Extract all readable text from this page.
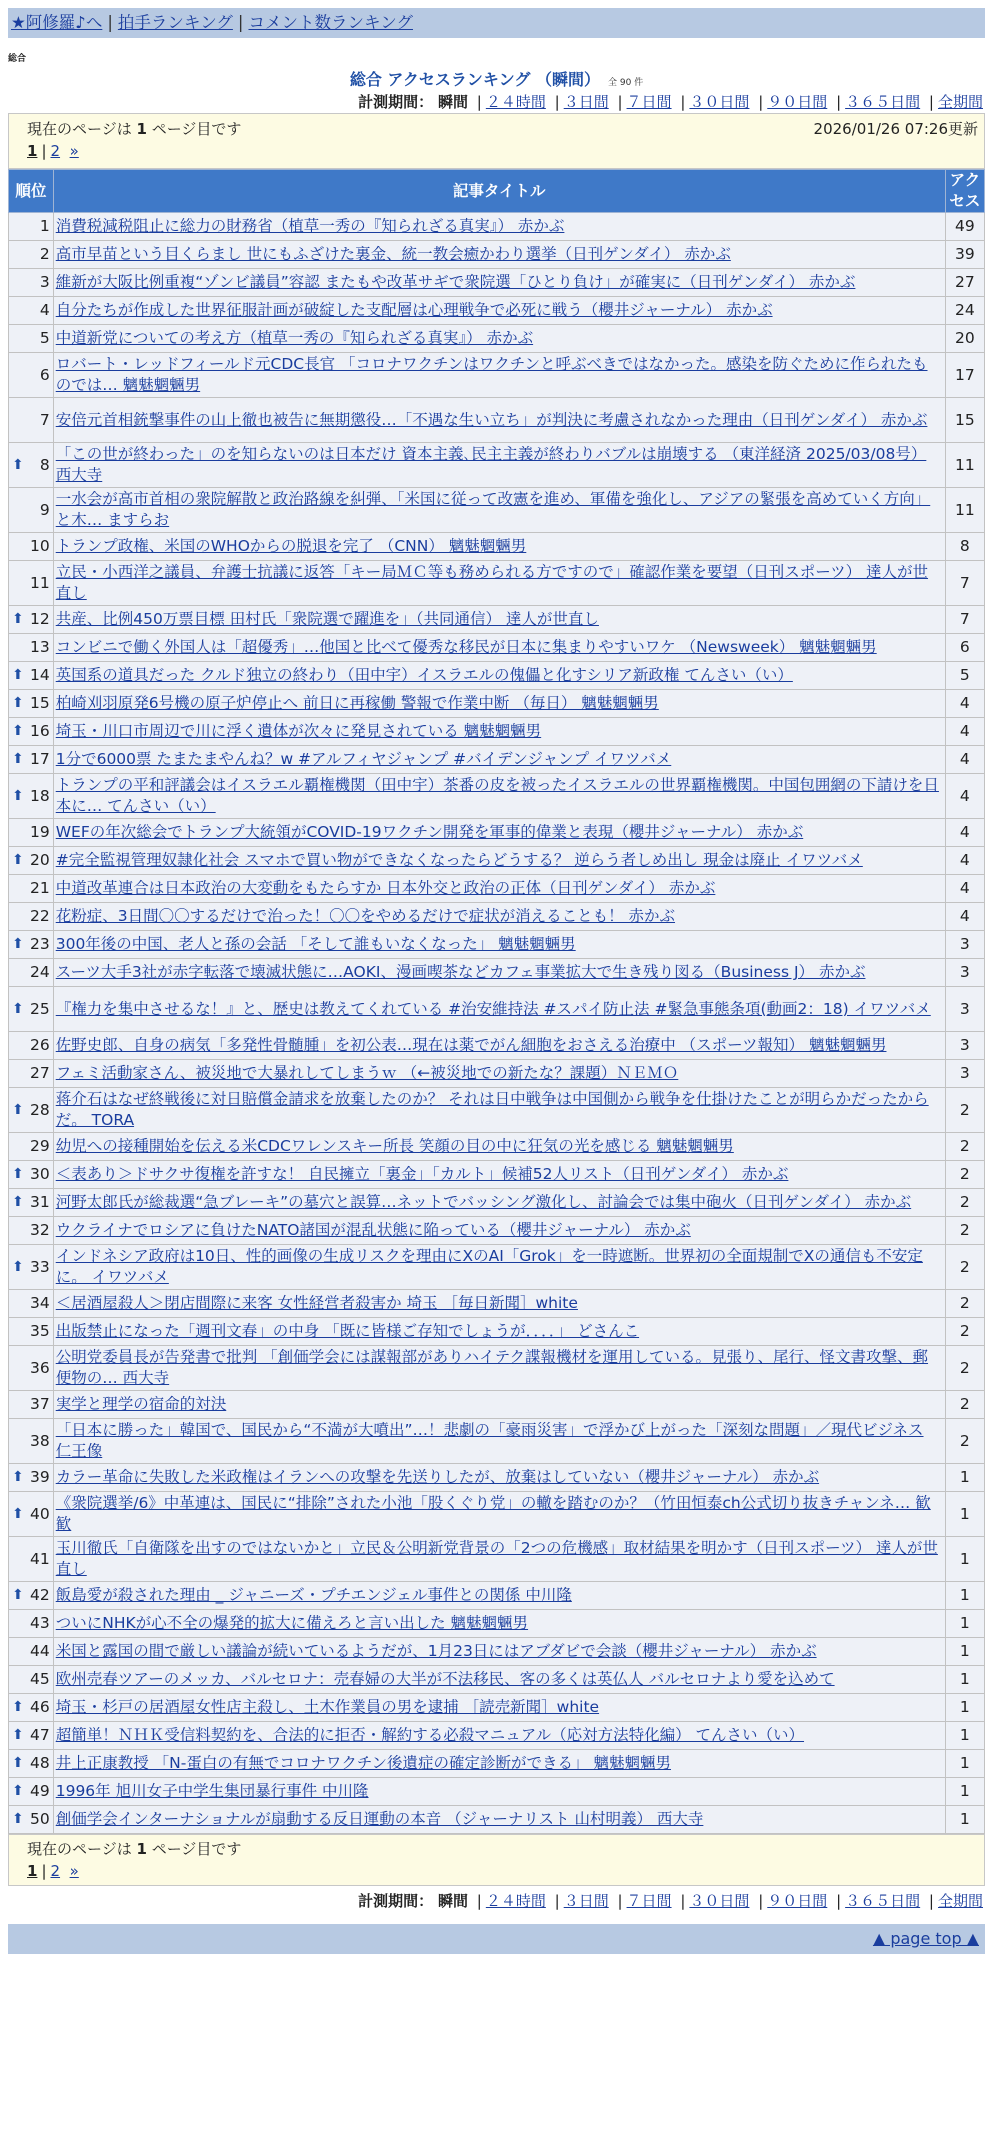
★阿修羅♪へ | 拍手ランキング | コメント数ランキング
総合
総合 アクセスランキング （瞬間） 全 90 件
計測期間： 瞬間 | ２４時間 | ３日間 | ７日間 | ３０日間 | ９０日間 | ３６５日間 | 全期間
現在のページは 1 ページ目です	2026/01/26 07:26更新
1 | 2 »
順位	記事タイトル	アクセス
1	消費税減税阻止に総力の財務省（植草一秀の『知られざる真実』） 赤かぶ	49
2	高市早苗という目くらまし 世にもふざけた裏金、統一教会癒かわり選挙（日刊ゲンダイ） 赤かぶ	39
3	維新が大阪比例重複“ゾンビ議員”容認 またもや改革サギで衆院選「ひとり負け」が確実に（日刊ゲンダイ） 赤かぶ	27
4	自分たちが作成した世界征服計画が破綻した支配層は心理戦争で必死に戦う（櫻井ジャーナル） 赤かぶ	24
5	中道新党についての考え方（植草一秀の『知られざる真実』） 赤かぶ	20
6	ロバート・レッドフィールド元CDC長官 「コロナワクチンはワクチンと呼ぶべきではなかった。感染を防ぐために作られたものでは… 魑魅魍魎男	17
7	安倍元首相銃撃事件の山上徹也被告に無期懲役…「不遇な生い立ち」が判決に考慮されなかった理由（日刊ゲンダイ） 赤かぶ	15

⬆ 8	「この世が終わった」のを知らないのは日本だけ 資本主義､民主主義が終わりバブルは崩壊する （東洋経済 2025/03/08号） 西大寺	11
9	一水会が高市首相の衆院解散と政治路線を糾弾、「米国に従って改憲を進め、軍備を強化し、アジアの緊張を高めていく方向」と木… ますらお	11
10	トランプ政権、米国のWHOからの脱退を完了 （CNN） 魑魅魍魎男	8
11	立民・小西洋之議員、弁護士抗議に返答「キー局ＭＣ等も務められる方ですので」確認作業を要望（日刊スポーツ） 達人が世直し	7

⬆ 12	共産、比例450万票目標 田村氏「衆院選で躍進を」（共同通信） 達人が世直し	7
13	コンビニで働く外国人は「超優秀」…他国と比べて優秀な移民が日本に集まりやすいワケ （Newsweek） 魑魅魍魎男	6

⬆ 14	英国系の道具だった クルド独立の終わり（田中宇）イスラエルの傀儡と化すシリア新政権 てんさい（い）	5

⬆ 15	柏崎刈羽原発6号機の原子炉停止へ 前日に再稼働 警報で作業中断 （毎日） 魑魅魍魎男	4

⬆ 16	埼玉・川口市周辺で川に浮く遺体が次々に発見されている 魑魅魍魎男	4

⬆ 17	1分で6000票 たまたまやんね？w #アルフィヤジャンプ #バイデンジャンプ イワツバメ	4

⬆ 18	トランプの平和評議会はイスラエル覇権機関（田中宇）茶番の皮を被ったイスラエルの世界覇権機関。中国包囲網の下請けを日本に… てんさい（い）	4
19	WEFの年次総会でトランプ大統領がCOVID-19ワクチン開発を軍事的偉業と表現（櫻井ジャーナル） 赤かぶ	4

⬆ 20	#完全監視管理奴隷化社会 スマホで買い物ができなくなったらどうする？ 逆らう者しめ出し 現金は廃止 イワツバメ	4
21	中道改革連合は日本政治の大変動をもたらすか 日本外交と政治の正体（日刊ゲンダイ） 赤かぶ	4
22	花粉症、3日間〇〇するだけで治った！〇〇をやめるだけで症状が消えることも！ 赤かぶ	4

⬆ 23	300年後の中国、老人と孫の会話 「そして誰もいなくなった」 魑魅魍魎男	3
24	スーツ大手3社が赤字転落で壊滅状態に…AOKI、漫画喫茶などカフェ事業拡大で生き残り図る（Business J） 赤かぶ	3

⬆ 25	『権力を集中させるな！』と、歴史は教えてくれている #治安維持法 #スパイ防止法 #緊急事態条項(動画2：18) イワツバメ	3
26	佐野史郎、自身の病気「多発性骨髄腫」を初公表…現在は薬でがん細胞をおさえる治療中 （スポーツ報知） 魑魅魍魎男	3
27	フェミ活動家さん、被災地で大暴れしてしまうｗ （←被災地での新たな？課題）ＮＥＭＯ	3

⬆ 28	蒋介石はなぜ終戦後に対日賠償金請求を放棄したのか？ それは日中戦争は中国側から戦争を仕掛けたことが明らかだったからだ。 TORA	2
29	幼児への接種開始を伝える米CDCワレンスキー所長 笑顔の目の中に狂気の光を感じる 魑魅魍魎男	2

⬆ 30	＜表あり＞ドサクサ復権を許すな！ 自民擁立「裏金」「カルト」候補52人リスト（日刊ゲンダイ） 赤かぶ	2

⬆ 31	河野太郎氏が総裁選“急ブレーキ”の墓穴と誤算…ネットでバッシング激化し、討論会では集中砲火（日刊ゲンダイ） 赤かぶ	2
32	ウクライナでロシアに負けたNATO諸国が混乱状態に陥っている（櫻井ジャーナル） 赤かぶ	2

⬆ 33	インドネシア政府は10日、性的画像の生成リスクを理由にXのAI「Grok」を一時遮断。世界初の全面規制でXの通信も不安定に。 イワツバメ	2
34	＜居酒屋殺人＞閉店間際に来客 女性経営者殺害か 埼玉 ［毎日新聞］white	2
35	出版禁止になった「週刊文春」の中身 「既に皆様ご存知でしょうが．．．．」 どさんこ	2
36	公明党委員長が告発書で批判 「創価学会には謀報部がありハイテク諜報機材を運用している。見張り、尾行、怪文書攻撃、郵便物の… 西大寺	2
37	実学と理学の宿命的対決	2
38	「日本に勝った」韓国で、国民から“不満が大噴出”…！悲劇の「豪雨災害」で浮かび上がった「深刻な問題」／現代ビジネス 仁王像	2

⬆ 39	カラー革命に失敗した米政権はイランへの攻撃を先送りしたが、放棄はしていない（櫻井ジャーナル） 赤かぶ	1

⬆ 40	《衆院選挙/6》中革連は、国民に“排除”された小池「股くぐり党」の轍を踏むのか？（竹田恒泰ch公式切り抜きチャンネ… 歓歓	1
41	玉川徹氏「自衛隊を出すのではないかと」立民＆公明新党背景の「2つの危機感」取材結果を明かす（日刊スポーツ） 達人が世直し	1

⬆ 42	飯島愛が殺された理由 _ ジャニーズ・プチエンジェル事件との関係 中川隆	1
43	ついにNHKが心不全の爆発的拡大に備えろと言い出した 魑魅魍魎男	1
44	米国と露国の間で厳しい議論が続いているようだが、1月23日にはアブダビで会談（櫻井ジャーナル） 赤かぶ	1
45	欧州売春ツアーのメッカ、バルセロナ：売春婦の大半が不法移民、客の多くは英仏人 バルセロナより愛を込めて	1

⬆ 46	埼玉・杉戸の居酒屋女性店主殺し、土木作業員の男を逮捕 ［読売新聞］white	1

⬆ 47	超簡単！ＮＨＫ受信料契約を、合法的に拒否・解約する必殺マニュアル（応対方法特化編） てんさい（い）	1

⬆ 48	井上正康教授 「N-蛋白の有無でコロナワクチン後遺症の確定診断ができる」 魑魅魍魎男	1

⬆ 49	1996年 旭川女子中学生集団暴行事件 中川隆	1

⬆ 50	創価学会インターナショナルが扇動する反日運動の本音 （ジャーナリスト 山村明義） 西大寺	1
現在のページは 1 ページ目です
1 | 2 »
計測期間： 瞬間 | ２４時間 | ３日間 | ７日間 | ３０日間 | ９０日間 | ３６５日間 | 全期間
▲ page top ▲
